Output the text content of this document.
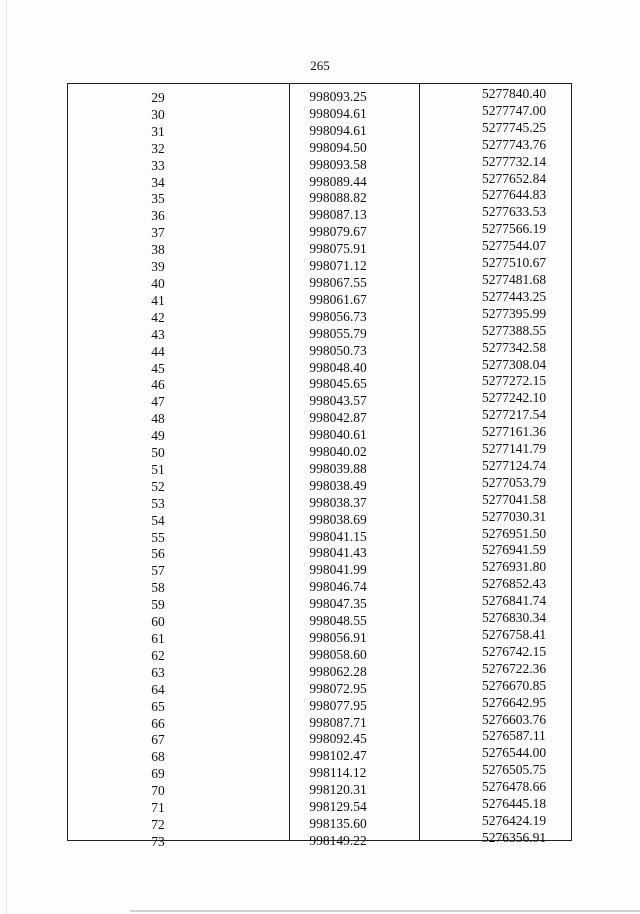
265
29	998093.25	5277840.40
30	998094.61	5277747.00
31	998094.61	5277745.25
32	998094.50	5277743.76
33	998093.58	5277732.14
34	998089.44	5277652.84
35	998088.82	5277644.83
36	998087.13	5277633.53
37	998079.67	5277566.19
38	998075.91	5277544.07
39	998071.12	5277510.67
40	998067.55	5277481.68
41	998061.67	5277443.25
42	998056.73	5277395.99
43	998055.79	5277388.55
44	998050.73	5277342.58
45	998048.40	5277308.04
46	998045.65	5277272.15
47	998043.57	5277242.10
48	998042.87	5277217.54
49	998040.61	5277161.36
50	998040.02	5277141.79
51	998039.88	5277124.74
52	998038.49	5277053.79
53	998038.37	5277041.58
54	998038.69	5277030.31
55	998041.15	5276951.50
56	998041.43	5276941.59
57	998041.99	5276931.80
58	998046.74	5276852.43
59	998047.35	5276841.74
60	998048.55	5276830.34
61	998056.91	5276758.41
62	998058.60	5276742.15
63	998062.28	5276722.36
64	998072.95	5276670.85
65	998077.95	5276642.95
66	998087.71	5276603.76
67	998092.45	5276587.11
68	998102.47	5276544.00
69	998114.12	5276505.75
70	998120.31	5276478.66
71	998129.54	5276445.18
72	998135.60	5276424.19
73	998149.22	5276356.91
